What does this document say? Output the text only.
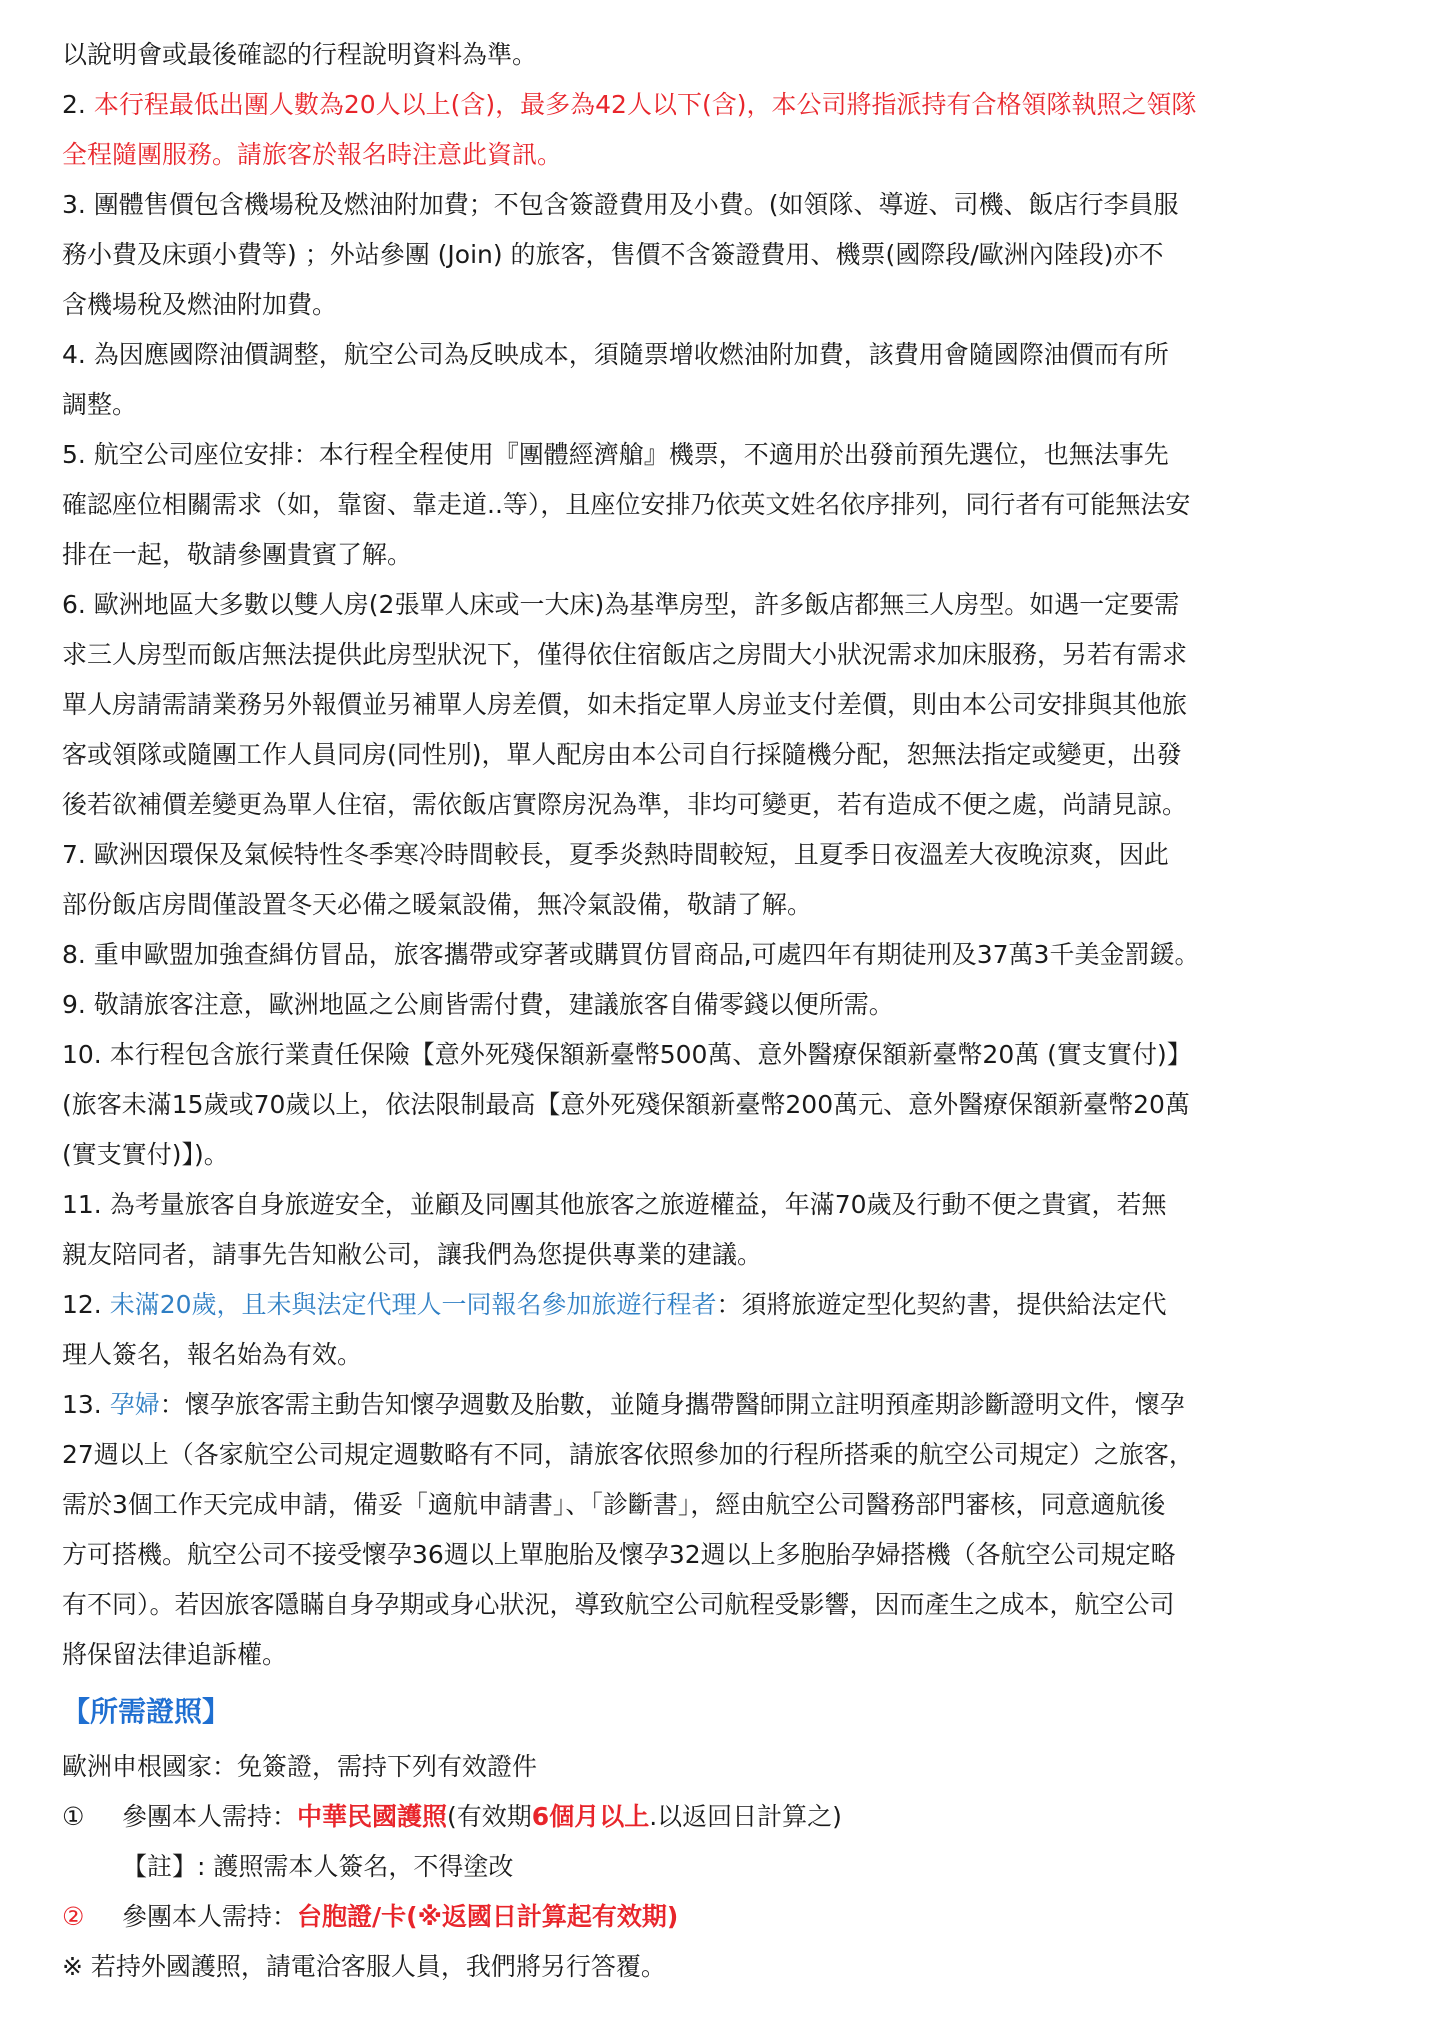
以說明會或最後確認的行程說明資料為準。
2. 本行程最低出團人數為20人以上(含)，最多為42人以下(含)，本公司將指派持有合格領隊執照之領隊
全程隨團服務。請旅客於報名時注意此資訊。
3. 團體售價包含機場稅及燃油附加費；不包含簽證費用及小費。(如領隊、導遊、司機、飯店行李員服
務小費及床頭小費等) ；外站參團 (Join) 的旅客，售價不含簽證費用、機票(國際段/歐洲內陸段)亦不
含機場稅及燃油附加費。
4. 為因應國際油價調整，航空公司為反映成本，須隨票增收燃油附加費，該費用會隨國際油價而有所
調整。
5. 航空公司座位安排：本行程全程使用『團體經濟艙』機票，不適用於出發前預先選位，也無法事先
確認座位相關需求（如，靠窗、靠走道..等），且座位安排乃依英文姓名依序排列，同行者有可能無法安
排在一起，敬請參團貴賓了解。
6. 歐洲地區大多數以雙人房(2張單人床或一大床)為基準房型，許多飯店都無三人房型。如遇一定要需
求三人房型而飯店無法提供此房型狀況下，僅得依住宿飯店之房間大小狀況需求加床服務，另若有需求
單人房請需請業務另外報價並另補單人房差價，如未指定單人房並支付差價，則由本公司安排與其他旅
客或領隊或隨團工作人員同房(同性別)，單人配房由本公司自行採隨機分配，恕無法指定或變更，出發
後若欲補價差變更為單人住宿，需依飯店實際房況為準，非均可變更，若有造成不便之處，尚請見諒。
7. 歐洲因環保及氣候特性冬季寒冷時間較長，夏季炎熱時間較短，且夏季日夜溫差大夜晚涼爽，因此
部份飯店房間僅設置冬天必備之暖氣設備，無冷氣設備，敬請了解。
8. 重申歐盟加強查緝仿冒品，旅客攜帶或穿著或購買仿冒商品,可處四年有期徒刑及37萬3千美金罰鍰。
9. 敬請旅客注意，歐洲地區之公廁皆需付費，建議旅客自備零錢以便所需。
10. 本行程包含旅行業責任保險【意外死殘保額新臺幣500萬、意外醫療保額新臺幣20萬 (實支實付)】
(旅客未滿15歲或70歲以上，依法限制最高【意外死殘保額新臺幣200萬元、意外醫療保額新臺幣20萬
(實支實付)】)。
11. 為考量旅客自身旅遊安全，並顧及同團其他旅客之旅遊權益，年滿70歲及行動不便之貴賓，若無
親友陪同者，請事先告知敝公司，讓我們為您提供專業的建議。
12. 未滿20歲，且未與法定代理人一同報名參加旅遊行程者：須將旅遊定型化契約書，提供給法定代
理人簽名，報名始為有效。
13. 孕婦：懷孕旅客需主動告知懷孕週數及胎數，並隨身攜帶醫師開立註明預產期診斷證明文件，懷孕
27週以上（各家航空公司規定週數略有不同，請旅客依照參加的行程所搭乘的航空公司規定）之旅客，
需於3個工作天完成申請，備妥「適航申請書」、「診斷書」，經由航空公司醫務部門審核，同意適航後
方可搭機。航空公司不接受懷孕36週以上單胞胎及懷孕32週以上多胞胎孕婦搭機（各航空公司規定略
有不同）。若因旅客隱瞞自身孕期或身心狀況，導致航空公司航程受影響，因而產生之成本，航空公司
將保留法律追訴權。
【所需證照】
歐洲申根國家：免簽證，需持下列有效證件
① 參團本人需持：中華民國護照(有效期6個月以上.以返回日計算之)
【註】: 護照需本人簽名，不得塗改
② 參團本人需持：台胞證/卡(※返國日計算起有效期)
※ 若持外國護照，請電洽客服人員，我們將另行答覆。
